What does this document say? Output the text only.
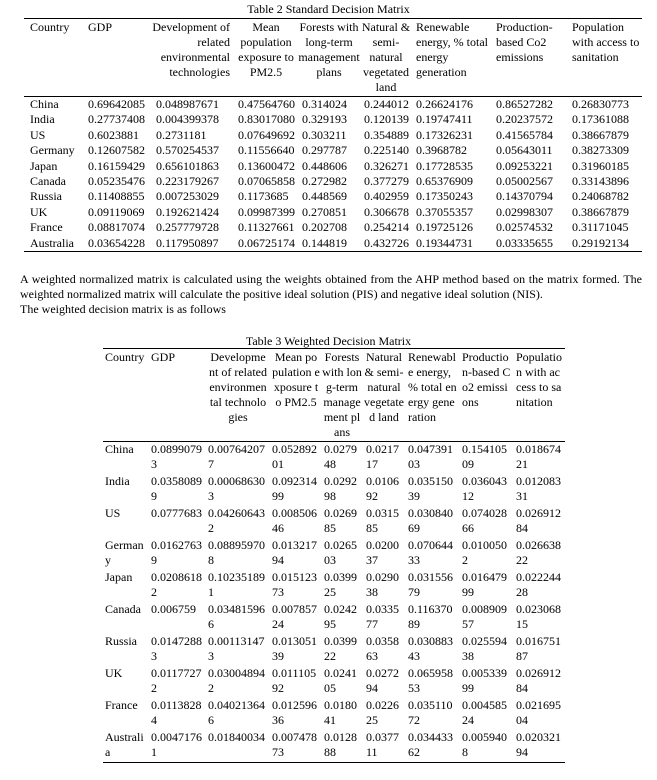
Table 2 Standard Decision Matrix
Country	GDP	Development of related environmental technologies	Mean population exposure to PM2.5	Forests with long-term management plans	Natural & semi-natural vegetated land	Renewable energy, % total energy generation	Production-based Co2 emissions	Population with access to sanitation
China	0.69642085	0.048987671	0.47564760	0.314024	0.244012	0.26624176	0.86527282	0.26830773
India	0.27737408	0.004399378	0.83017080	0.329193	0.120139	0.19747411	0.20237572	0.17361088
US	0.6023881	0.2731181	0.07649692	0.303211	0.354889	0.17326231	0.41565784	0.38667879
Germany	0.12607582	0.570254537	0.11556640	0.297787	0.225140	0.3968782	0.05643011	0.38273309
Japan	0.16159429	0.656101863	0.13600472	0.448606	0.326271	0.17728535	0.09253221	0.31960185
Canada	0.05235476	0.223179267	0.07065858	0.272982	0.377279	0.65376909	0.05002567	0.33143896
Russia	0.11408855	0.007253029	0.1173685	0.448569	0.402959	0.17350243	0.14370794	0.24068782
UK	0.09119069	0.192621424	0.09987399	0.270851	0.306678	0.37055357	0.02998307	0.38667879
France	0.08817074	0.257779728	0.11327661	0.202708	0.254214	0.19725126	0.02574532	0.31171045
Australia	0.03654228	0.117950897	0.06725174	0.144819	0.432726	0.19344731	0.03335655	0.29192134

A weighted normalized matrix is calculated using the weights obtained from the AHP method based on the matrix formed. The weighted normalized matrix will calculate the positive ideal solution (PIS) and negative ideal solution (NIS).

The weighted decision matrix is as follows

Table 3 Weighted Decision Matrix
Country	GDP	Development of related environmental technologies	Mean population exposure to PM2.5	Forests with long-term management plans	Natural & semi-natural vegetated land	Renewable energy, % total energy generation	Production-based Co2 emissions	Population with access to sanitation
China	0.08990793	0.007642077	0.05289201	0.027948	0.021717	0.04739103	0.15410509	0.01867421
India	0.03580899	0.000686303	0.09231499	0.029298	0.010692	0.03515039	0.03604312	0.01208331
US	0.0777683	0.042606432	0.00850646	0.026985	0.031585	0.03084069	0.07402866	0.02691284
Germany	0.01627639	0.088959708	0.01321794	0.026503	0.020037	0.07064433	0.0100502	0.02663822
Japan	0.02086182	0.102351891	0.01512373	0.039925	0.029038	0.03155679	0.01647999	0.02224428
Canada	0.006759	0.034815966	0.00785724	0.024295	0.033577	0.11637089	0.00890957	0.02306815
Russia	0.01472883	0.001131473	0.01305139	0.039922	0.035863	0.03088343	0.02559438	0.01675187
UK	0.01177272	0.030048942	0.01110592	0.024105	0.027294	0.06595853	0.00533999	0.02691284
France	0.01138284	0.040213646	0.01259636	0.018041	0.022625	0.03511072	0.00458524	0.02169504
Australia	0.00471761	0.01840034	0.00747873	0.012888	0.037711	0.03443362	0.0059408	0.02032194
